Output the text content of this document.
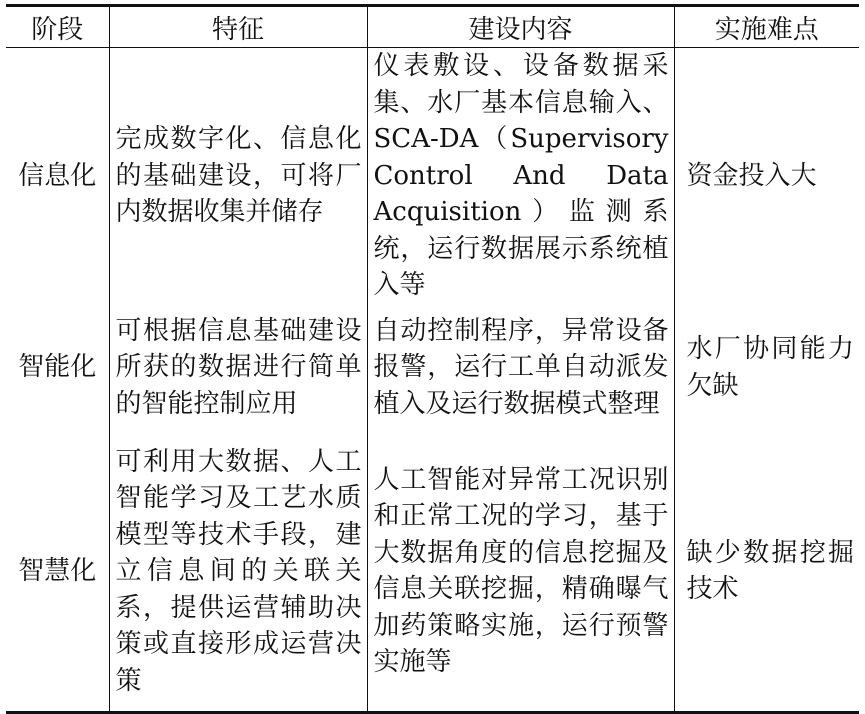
阶段	特征	建设内容	实施难点

信息化	完成数字化、信息化的基础建设，可将厂内数据收集并储存	仪表敷设、设备数据采集、水厂基本信息输入、SCA-DA（Supervisory Control And Data Acquisition）监测系统，运行数据展示系统植入等	资金投入大

智能化	可根据信息基础建设所获的数据进行简单的智能控制应用	自动控制程序，异常设备报警，运行工单自动派发植入及运行数据模式整理	水厂协同能力欠缺

智慧化	可利用大数据、人工智能学习及工艺水质模型等技术手段，建立信息间的关联关系，提供运营辅助决策或直接形成运营决策	人工智能对异常工况识别和正常工况的学习，基于大数据角度的信息挖掘及信息关联挖掘，精确曝气加药策略实施，运行预警实施等	缺少数据挖掘技术
